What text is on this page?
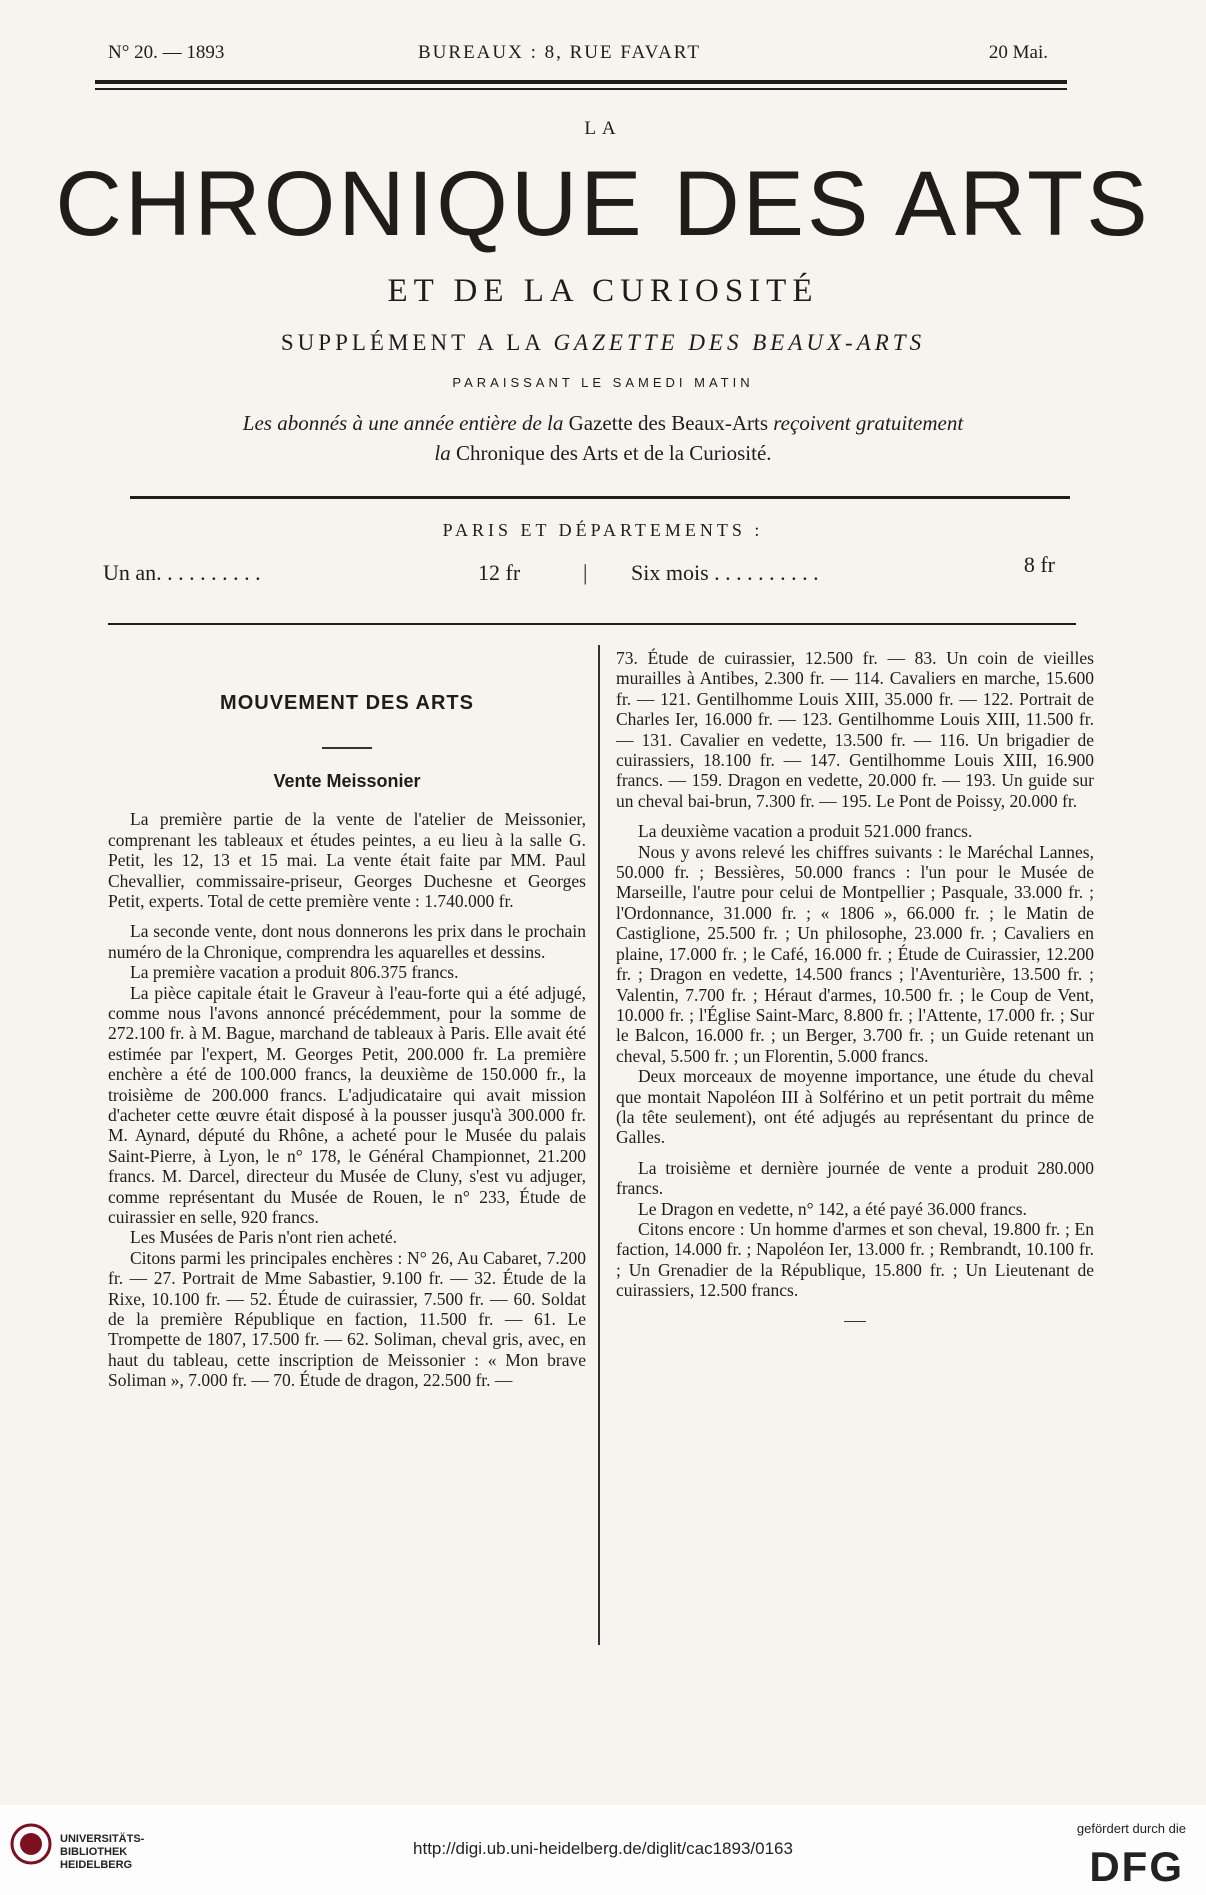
N° 20. — 1893	BUREAUX : 8, RUE FAVART	20 Mai.
LA
CHRONIQUE DES ARTS
ET DE LA CURIOSITÉ
SUPPLÉMENT A LA GAZETTE DES BEAUX-ARTS
PARAISSANT LE SAMEDI MATIN
Les abonnés à une année entière de la Gazette des Beaux-Arts reçoivent gratuitement
la Chronique des Arts et de la Curiosité.
PARIS ET DÉPARTEMENTS :
Un an. . . . . . . . . .	12 fr	| Six mois . . . . . . . . . .	8 fr
MOUVEMENT DES ARTS
Vente Meissonier

La première partie de la vente de l'atelier de Meissonier, comprenant les tableaux et études peintes, a eu lieu à la salle G. Petit, les 12, 13 et 15 mai. La vente était faite par MM. Paul Chevallier, commissaire-priseur, Georges Duchesne et Georges Petit, experts. Total de cette première vente : 1.740.000 fr.

La seconde vente, dont nous donnerons les prix dans le prochain numéro de la Chronique, comprendra les aquarelles et dessins.

La première vacation a produit 806.375 francs.

La pièce capitale était le Graveur à l'eau-forte qui a été adjugé, comme nous l'avons annoncé précédemment, pour la somme de 272.100 fr. à M. Bague, marchand de tableaux à Paris. Elle avait été estimée par l'expert, M. Georges Petit, 200.000 fr. La première enchère a été de 100.000 francs, la deuxième de 150.000 fr., la troisième de 200.000 francs. L'adjudicataire qui avait mission d'acheter cette œuvre était disposé à la pousser jusqu'à 300.000 fr. M. Aynard, député du Rhône, a acheté pour le Musée du palais Saint-Pierre, à Lyon, le n° 178, le Général Championnet, 21.200 francs. M. Darcel, directeur du Musée de Cluny, s'est vu adjuger, comme représentant du Musée de Rouen, le n° 233, Étude de cuirassier en selle, 920 francs.

Les Musées de Paris n'ont rien acheté.

Citons parmi les principales enchères : N° 26, Au Cabaret, 7.200 fr. — 27. Portrait de Mme Sabastier, 9.100 fr. — 32. Étude de la Rixe, 10.100 fr. — 52. Étude de cuirassier, 7.500 fr. — 60. Soldat de la première République en faction, 11.500 fr. — 61. Le Trompette de 1807, 17.500 fr. — 62. Soliman, cheval gris, avec, en haut du tableau, cette inscription de Meissonier : « Mon brave Soliman », 7.000 fr. — 70. Étude de dragon, 22.500 fr. —

73. Étude de cuirassier, 12.500 fr. — 83. Un coin de vieilles murailles à Antibes, 2.300 fr. — 114. Cavaliers en marche, 15.600 fr. — 121. Gentilhomme Louis XIII, 35.000 fr. — 122. Portrait de Charles Ier, 16.000 fr. — 123. Gentilhomme Louis XIII, 11.500 fr. — 131. Cavalier en vedette, 13.500 fr. — 116. Un brigadier de cuirassiers, 18.100 fr. — 147. Gentilhomme Louis XIII, 16.900 francs. — 159. Dragon en vedette, 20.000 fr. — 193. Un guide sur un cheval bai-brun, 7.300 fr. — 195. Le Pont de Poissy, 20.000 fr.

La deuxième vacation a produit 521.000 francs.

Nous y avons relevé les chiffres suivants : le Maréchal Lannes, 50.000 fr. ; Bessières, 50.000 francs : l'un pour le Musée de Marseille, l'autre pour celui de Montpellier ; Pasquale, 33.000 fr. ; l'Ordonnance, 31.000 fr. ; « 1806 », 66.000 fr. ; le Matin de Castiglione, 25.500 fr. ; Un philosophe, 23.000 fr. ; Cavaliers en plaine, 17.000 fr. ; le Café, 16.000 fr. ; Étude de Cuirassier, 12.200 fr. ; Dragon en vedette, 14.500 francs ; l'Aventurière, 13.500 fr. ; Valentin, 7.700 fr. ; Héraut d'armes, 10.500 fr. ; le Coup de Vent, 10.000 fr. ; l'Église Saint-Marc, 8.800 fr. ; l'Attente, 17.000 fr. ; Sur le Balcon, 16.000 fr. ; un Berger, 3.700 fr. ; un Guide retenant un cheval, 5.500 fr. ; un Florentin, 5.000 francs.

Deux morceaux de moyenne importance, une étude du cheval que montait Napoléon III à Solférino et un petit portrait du même (la tête seulement), ont été adjugés au représentant du prince de Galles.

La troisième et dernière journée de vente a produit 280.000 francs.

Le Dragon en vedette, n° 142, a été payé 36.000 francs.

Citons encore : Un homme d'armes et son cheval, 19.800 fr. ; En faction, 14.000 fr. ; Napoléon Ier, 13.000 fr. ; Rembrandt, 10.100 fr. ; Un Grenadier de la République, 15.800 fr. ; Un Lieutenant de cuirassiers, 12.500 francs.

UNIVERSITÄTS-
BIBLIOTHEK
HEIDELBERG
http://digi.ub.uni-heidelberg.de/diglit/cac1893/0163
gefördert durch die
DFG
